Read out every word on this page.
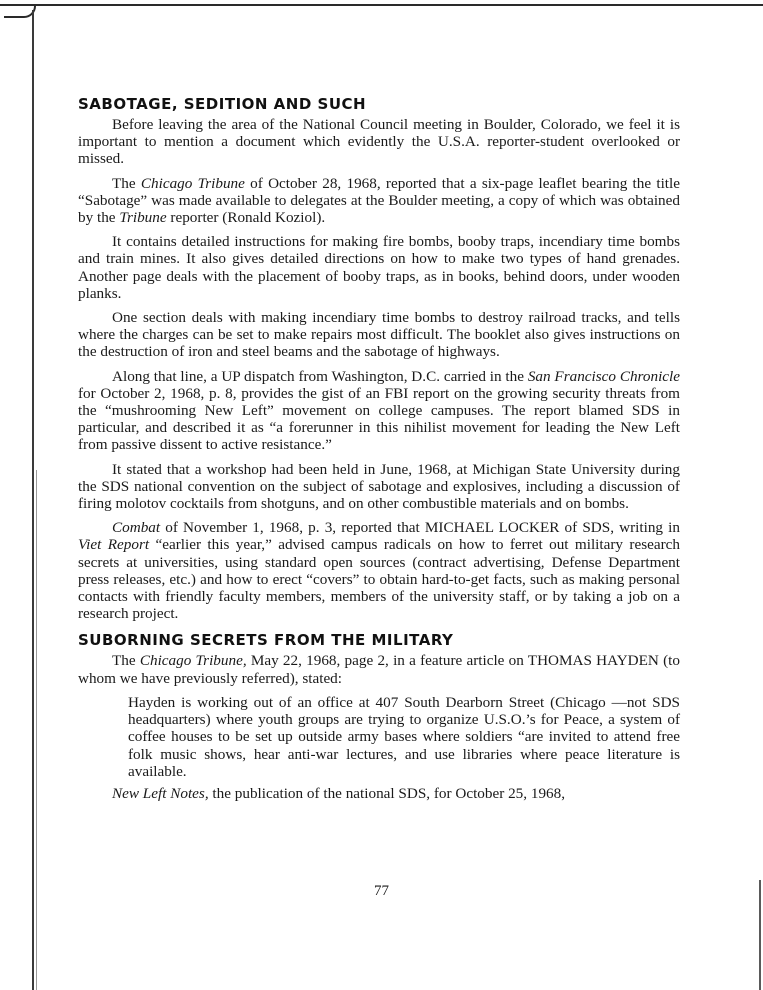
SABOTAGE, SEDITION AND SUCH

Before leaving the area of the National Council meeting in Boulder, Colorado, we feel it is important to mention a document which evidently the U.S.A. reporter-student overlooked or missed.

The Chicago Tribune of October 28, 1968, reported that a six-page leaflet bearing the title “Sabotage” was made available to delegates at the Boulder meeting, a copy of which was obtained by the Tribune reporter (Ronald Koziol).

It contains detailed instructions for making fire bombs, booby traps, incendiary time bombs and train mines. It also gives detailed directions on how to make two types of hand grenades. Another page deals with the placement of booby traps, as in books, behind doors, under wooden planks.

One section deals with making incendiary time bombs to destroy railroad tracks, and tells where the charges can be set to make repairs most difficult. The booklet also gives instructions on the destruction of iron and steel beams and the sabotage of highways.

Along that line, a UP dispatch from Washington, D.C. carried in the San Francisco Chronicle for October 2, 1968, p. 8, provides the gist of an FBI report on the growing security threats from the “mushrooming New Left” movement on college campuses. The report blamed SDS in particular, and described it as “a forerunner in this nihilist movement for leading the New Left from passive dissent to active resistance.”

It stated that a workshop had been held in June, 1968, at Michigan State University during the SDS national convention on the subject of sabotage and explosives, including a discussion of firing molotov cocktails from shotguns, and on other combustible materials and on bombs.

Combat of November 1, 1968, p. 3, reported that MICHAEL LOCKER of SDS, writing in Viet Report “earlier this year,” advised campus radicals on how to ferret out military research secrets at universities, using standard open sources (contract advertising, Defense Department press releases, etc.) and how to erect “covers” to obtain hard-to-get facts, such as making personal contacts with friendly faculty members, members of the university staff, or by taking a job on a research project.

SUBORNING SECRETS FROM THE MILITARY

The Chicago Tribune, May 22, 1968, page 2, in a feature article on THOMAS HAYDEN (to whom we have previously referred), stated:

Hayden is working out of an office at 407 South Dearborn Street (Chicago —not SDS headquarters) where youth groups are trying to organize U.S.O.’s for Peace, a system of coffee houses to be set up outside army bases where soldiers “are invited to attend free folk music shows, hear anti-war lectures, and use libraries where peace literature is available.

New Left Notes, the publication of the national SDS, for October 25, 1968,

77
